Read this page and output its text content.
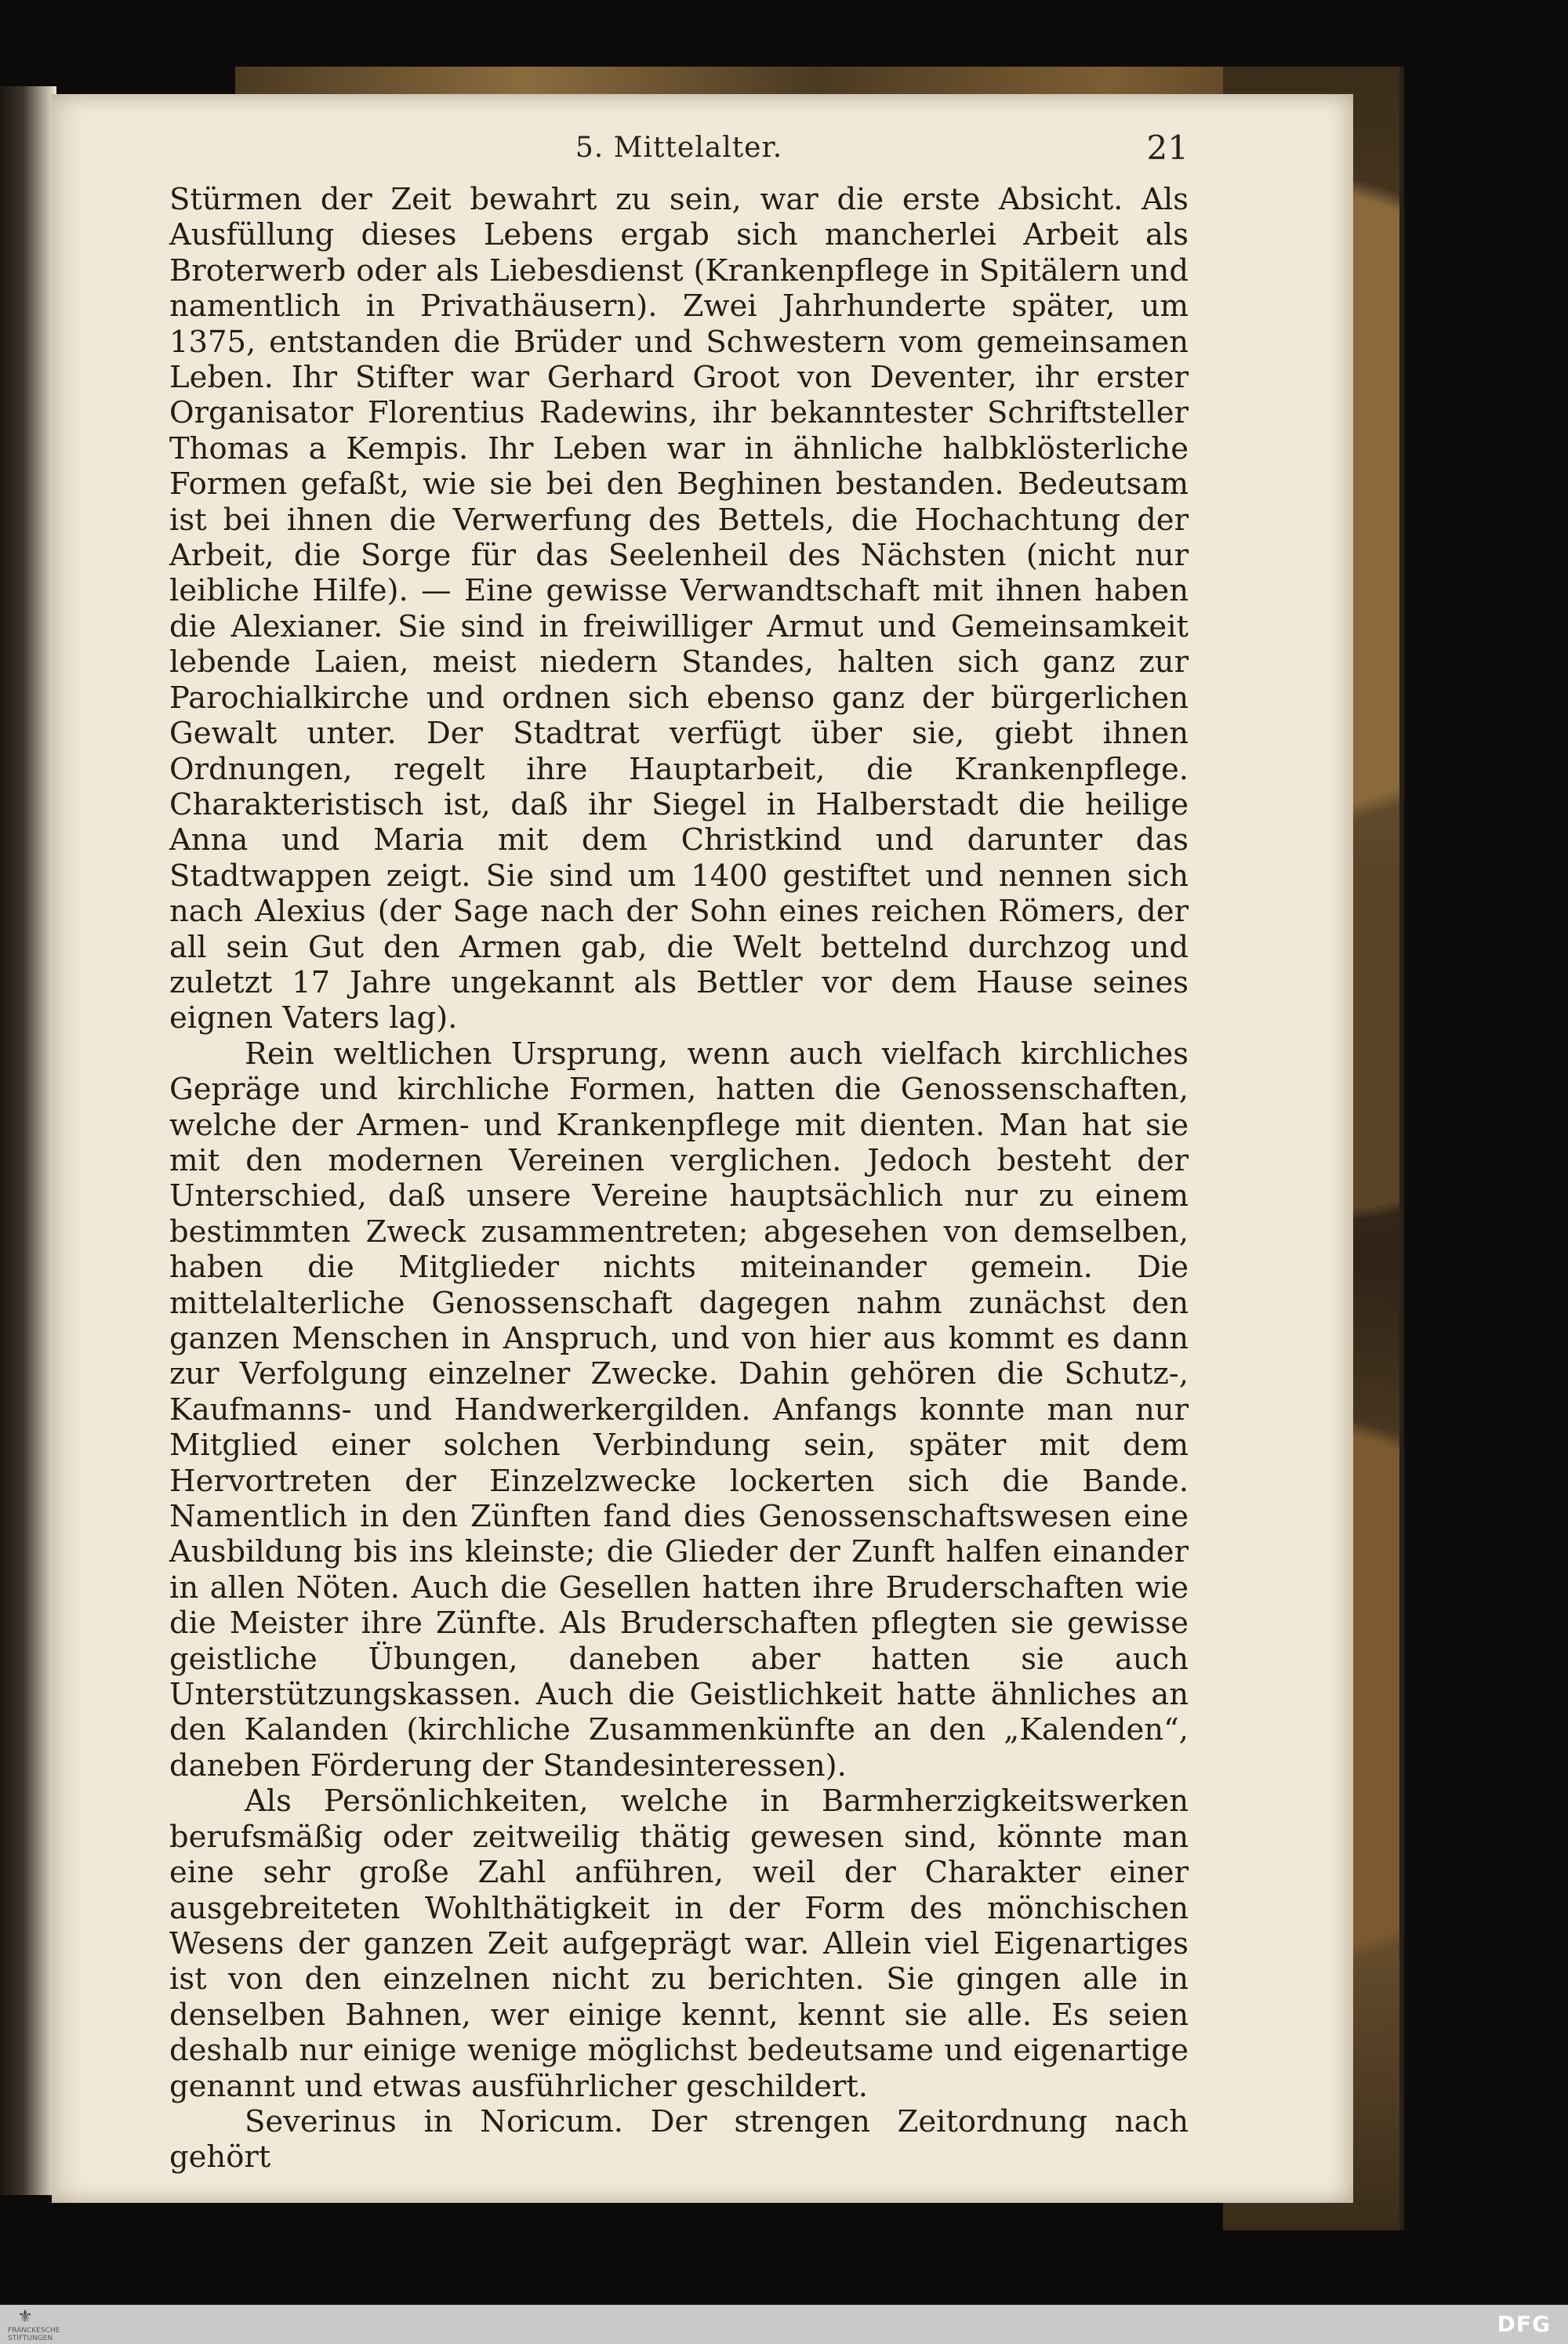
5. Mittelalter.	21

Stürmen der Zeit bewahrt zu sein, war die erste Absicht. Als Ausfüllung dieses Lebens ergab sich mancherlei Arbeit als Broterwerb oder als Liebesdienst (Krankenpflege in Spitälern und namentlich in Privathäusern). Zwei Jahrhunderte später, um 1375, entstanden die Brüder und Schwestern vom gemeinsamen Leben. Ihr Stifter war Gerhard Groot von Deventer, ihr erster Organisator Florentius Radewins, ihr bekanntester Schriftsteller Thomas a Kempis. Ihr Leben war in ähnliche halbklösterliche Formen gefaßt, wie sie bei den Beghinen bestanden. Bedeutsam ist bei ihnen die Verwerfung des Bettels, die Hochachtung der Arbeit, die Sorge für das Seelenheil des Nächsten (nicht nur leibliche Hilfe). — Eine gewisse Verwandtschaft mit ihnen haben die Alexianer. Sie sind in freiwilliger Armut und Gemeinsamkeit lebende Laien, meist niedern Standes, halten sich ganz zur Parochialkirche und ordnen sich ebenso ganz der bürgerlichen Gewalt unter. Der Stadtrat verfügt über sie, giebt ihnen Ordnungen, regelt ihre Hauptarbeit, die Krankenpflege. Charakteristisch ist, daß ihr Siegel in Halberstadt die heilige Anna und Maria mit dem Christkind und darunter das Stadtwappen zeigt. Sie sind um 1400 gestiftet und nennen sich nach Alexius (der Sage nach der Sohn eines reichen Römers, der all sein Gut den Armen gab, die Welt bettelnd durchzog und zuletzt 17 Jahre ungekannt als Bettler vor dem Hause seines eignen Vaters lag).

Rein weltlichen Ursprung, wenn auch vielfach kirchliches Gepräge und kirchliche Formen, hatten die Genossenschaften, welche der Armen- und Krankenpflege mit dienten. Man hat sie mit den modernen Vereinen verglichen. Jedoch besteht der Unterschied, daß unsere Vereine hauptsächlich nur zu einem bestimmten Zweck zusammentreten; abgesehen von demselben, haben die Mitglieder nichts miteinander gemein. Die mittelalterliche Genossenschaft dagegen nahm zunächst den ganzen Menschen in Anspruch, und von hier aus kommt es dann zur Verfolgung einzelner Zwecke. Dahin gehören die Schutz-, Kaufmanns- und Handwerkergilden. Anfangs konnte man nur Mitglied einer solchen Verbindung sein, später mit dem Hervortreten der Einzelzwecke lockerten sich die Bande. Namentlich in den Zünften fand dies Genossenschaftswesen eine Ausbildung bis ins kleinste; die Glieder der Zunft halfen einander in allen Nöten. Auch die Gesellen hatten ihre Bruderschaften wie die Meister ihre Zünfte. Als Bruderschaften pflegten sie gewisse geistliche Übungen, daneben aber hatten sie auch Unterstützungskassen. Auch die Geistlichkeit hatte ähnliches an den Kalanden (kirchliche Zusammenkünfte an den „Kalenden“, daneben Förderung der Standesinteressen).

Als Persönlichkeiten, welche in Barmherzigkeitswerken berufsmäßig oder zeitweilig thätig gewesen sind, könnte man eine sehr große Zahl anführen, weil der Charakter einer ausgebreiteten Wohlthätigkeit in der Form des mönchischen Wesens der ganzen Zeit aufgeprägt war. Allein viel Eigenartiges ist von den einzelnen nicht zu berichten. Sie gingen alle in denselben Bahnen, wer einige kennt, kennt sie alle. Es seien deshalb nur einige wenige möglichst bedeutsame und eigenartige genannt und etwas ausführlicher geschildert.

Severinus in Noricum. Der strengen Zeitordnung nach gehört

⚜
FRANCKESCHE STIFTUNGEN
DFG
